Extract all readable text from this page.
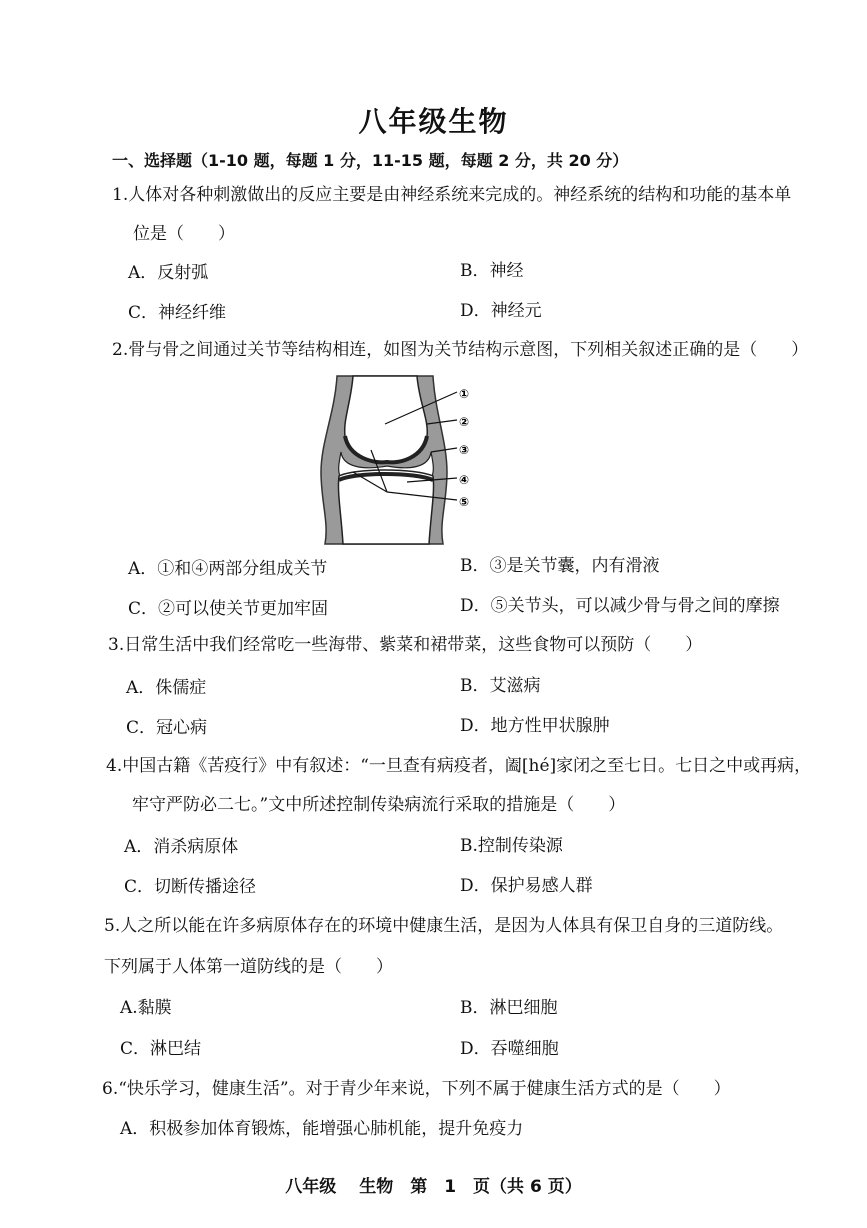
八年级生物
一、选择题（1-10 题，每题 1 分，11-15 题，每题 2 分，共 20 分）
1.人体对各种刺激做出的反应主要是由神经系统来完成的。神经系统的结构和功能的基本单
位是（　　）
A．反射弧	B．神经
C．神经纤维	D．神经元
2.骨与骨之间通过关节等结构相连，如图为关节结构示意图，下列相关叙述正确的是（　　）
①
②
③
④
⑤
A．①和④两部分组成关节	B．③是关节囊，内有滑液
C．②可以使关节更加牢固	D．⑤关节头，可以减少骨与骨之间的摩擦
3.日常生活中我们经常吃一些海带、紫菜和裙带菜，这些食物可以预防（　　）
A．侏儒症	B．艾滋病
C．冠心病	D．地方性甲状腺肿
4.中国古籍《苦疫行》中有叙述：“一旦查有病疫者，阖[hé]家闭之至七日。七日之中或再病，
牢守严防必二七。”文中所述控制传染病流行采取的措施是（　　）
A．消杀病原体	B.控制传染源
C．切断传播途径	D．保护易感人群
5.人之所以能在许多病原体存在的环境中健康生活，是因为人体具有保卫自身的三道防线。
下列属于人体第一道防线的是（　　）
A.黏膜	B．淋巴细胞
C．淋巴结	D．吞噬细胞
6.“快乐学习，健康生活”。对于青少年来说，下列不属于健康生活方式的是（　　）
A．积极参加体育锻炼，能增强心肺机能，提升免疫力
八年级　 生物　第　1　页（共 6 页）
